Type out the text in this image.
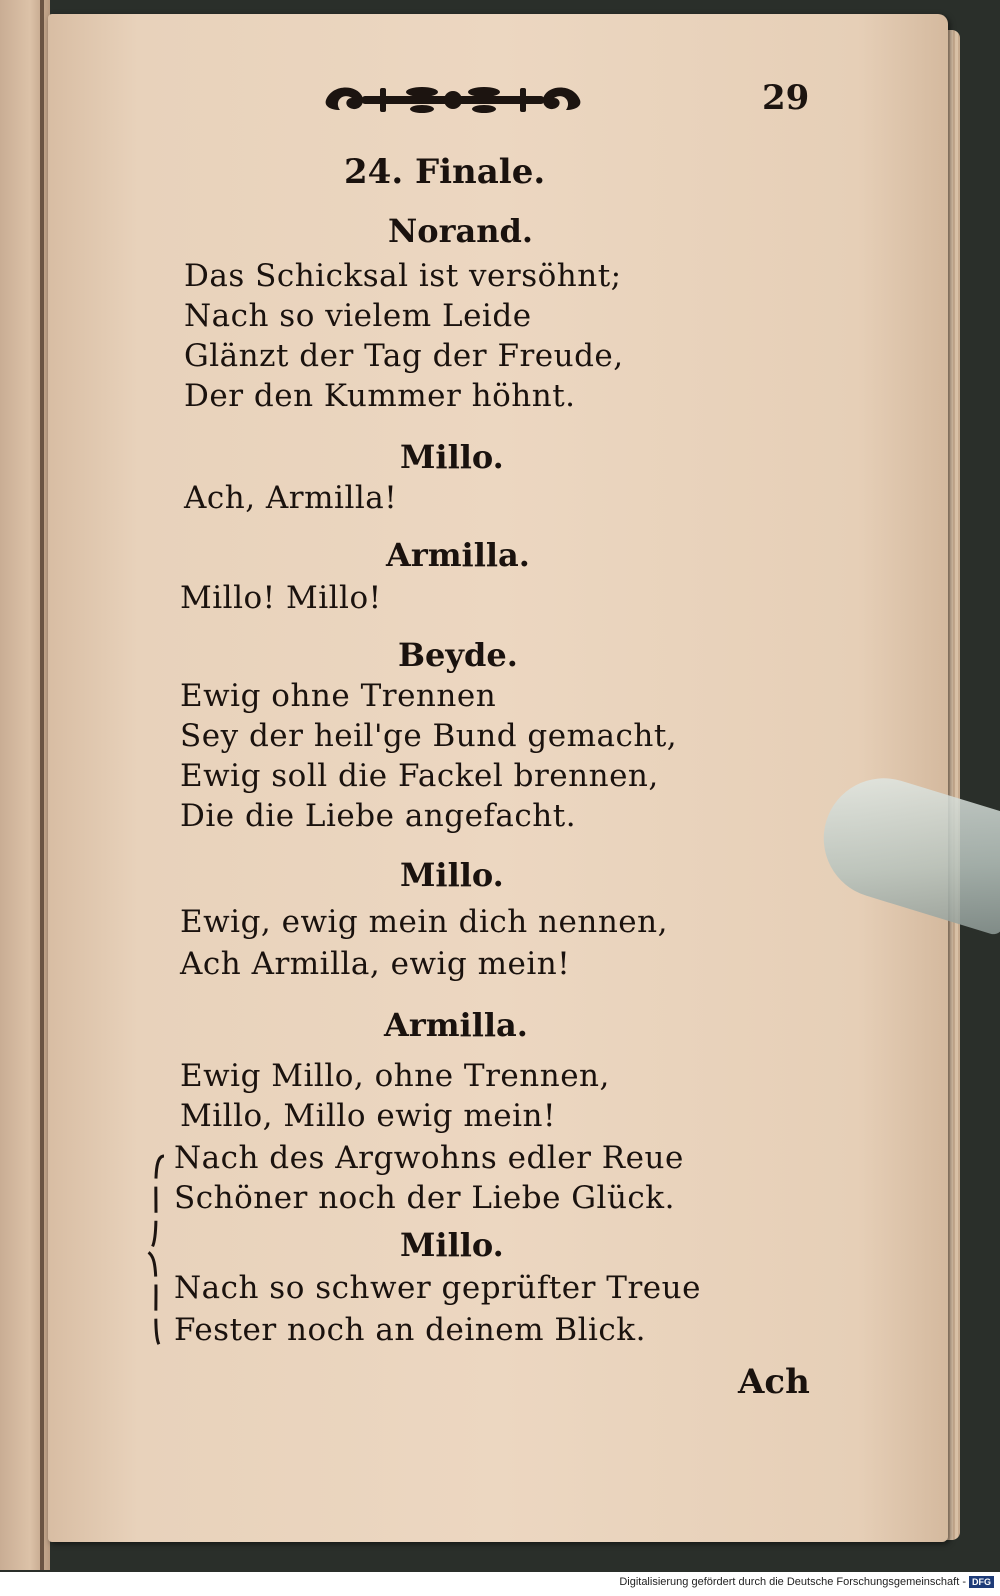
29
24. Finale.
Norand.
Das Schicksal ist versöhnt;
Nach so vielem Leide
Glänzt der Tag der Freude,
Der den Kummer höhnt.
Millo.
Ach, Armilla!
Armilla.
Millo! Millo!
Beyde.
Ewig ohne Trennen
Sey der heil'ge Bund gemacht,
Ewig soll die Fackel brennen,
Die die Liebe angefacht.
Millo.
Ewig, ewig mein dich nennen,
Ach Armilla, ewig mein!
Armilla.
Ewig Millo, ohne Trennen,
Millo, Millo ewig mein!
Nach des Argwohns edler Reue
Schöner noch der Liebe Glück.
Millo.
Nach so schwer geprüfter Treue
Fester noch an deinem Blick.
Ach
Digitalisierung gefördert durch die Deutsche Forschungsgemeinschaft - DFG
